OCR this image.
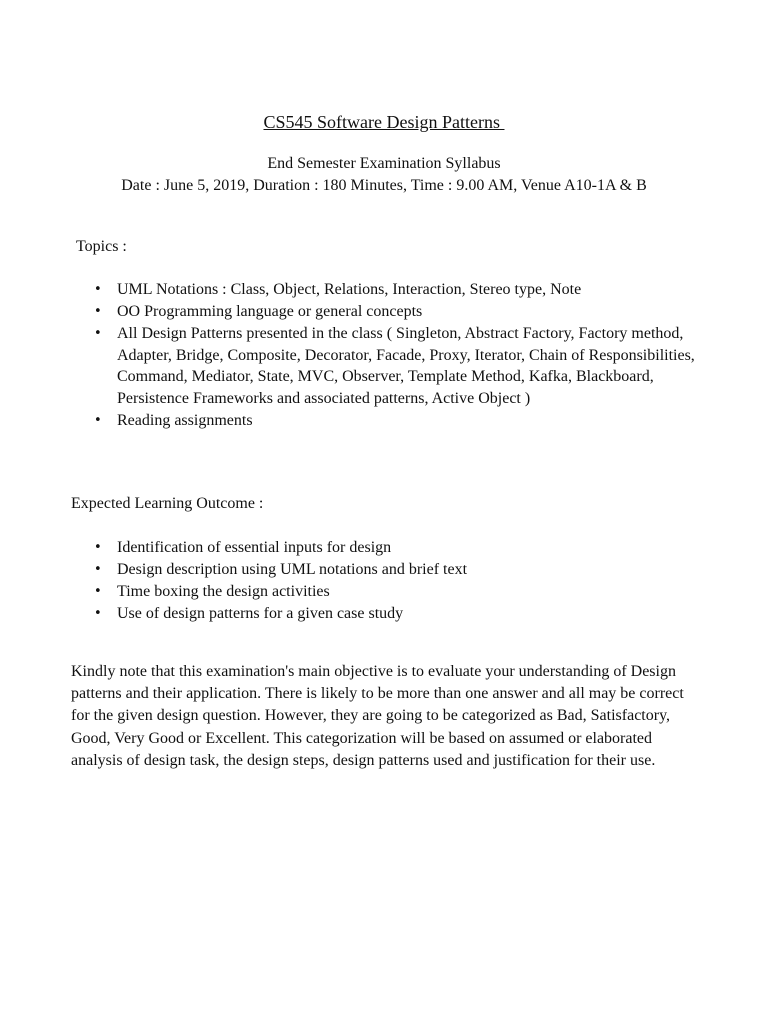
CS545 Software Design Patterns
End Semester Examination Syllabus
Date : June 5, 2019, Duration : 180 Minutes, Time : 9.00 AM, Venue A10-1A & B
Topics :
• UML Notations : Class, Object, Relations, Interaction, Stereo type, Note
• OO Programming language or general concepts
• All Design Patterns presented in the class ( Singleton, Abstract Factory, Factory method, Adapter, Bridge, Composite, Decorator, Facade, Proxy, Iterator, Chain of Responsibilities, Command, Mediator, State, MVC, Observer, Template Method, Kafka, Blackboard, Persistence Frameworks and associated patterns, Active Object )
• Reading assignments
Expected Learning Outcome :
• Identification of essential inputs for design
• Design description using UML notations and brief text
• Time boxing the design activities
• Use of design patterns for a given case study
Kindly note that this examination's main objective is to evaluate your understanding of Design patterns and their application. There is likely to be more than one answer and all may be correct for the given design question. However, they are going to be categorized as Bad, Satisfactory, Good, Very Good or Excellent. This categorization will be based on assumed or elaborated analysis of design task, the design steps, design patterns used and justification for their use.
